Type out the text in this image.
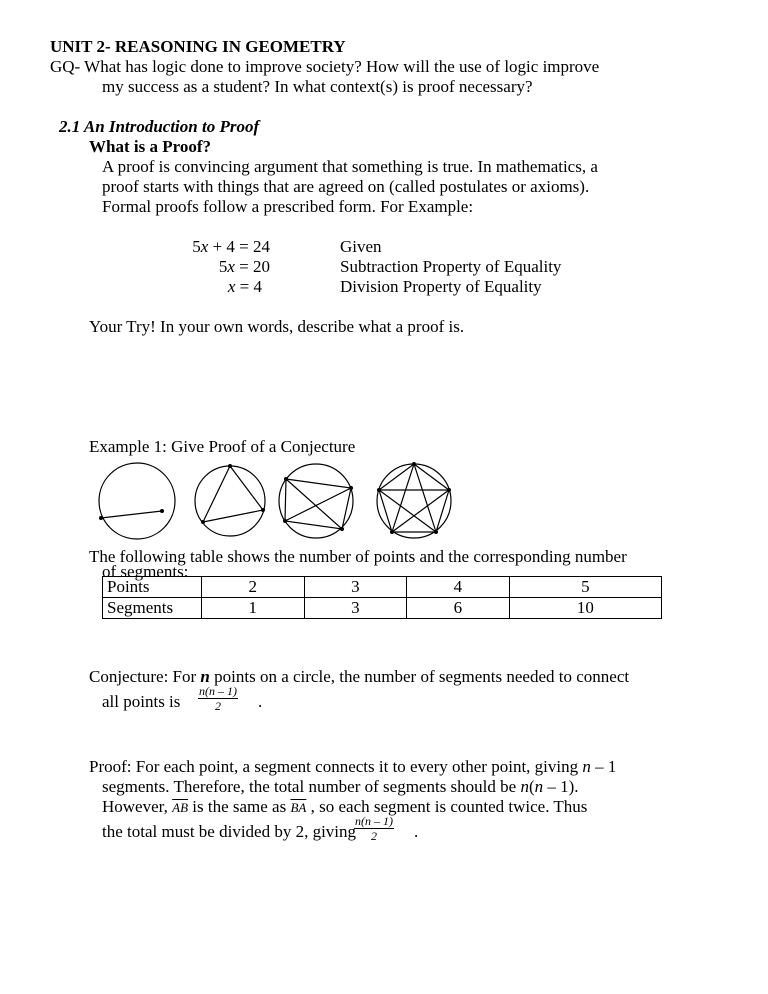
UNIT 2- REASONING IN GEOMETRY
GQ- What has logic done to improve society? How will the use of logic improve
my success as a student? In what context(s) is proof necessary?
2.1 An Introduction to Proof
What is a Proof?
A proof is convincing argument that something is true. In mathematics, a
proof starts with things that are agreed on (called postulates or axioms).
Formal proofs follow a prescribed form. For Example:
5x + 4 = 24	Given
5x = 20	Subtraction Property of Equality
x = 4	Division Property of Equality
Your Try! In your own words, describe what a proof is.
Example 1: Give Proof of a Conjecture
The following table shows the number of points and the corresponding number
of segments:
Points	2	3	4	5
Segments	1	3	6	10
Conjecture: For n points on a circle, the number of segments needed to connect
all points is $\frac{n(n - 1)}{2}$ .
Proof: For each point, a segment connects it to every other point, giving n – 1
segments. Therefore, the total number of segments should be n(n – 1).
However, $\overline{AB}$ is the same as $\overline{BA}$ , so each segment is counted twice. Thus
the total must be divided by 2, giving
$\frac{n(n - 1)}{2}$ .
